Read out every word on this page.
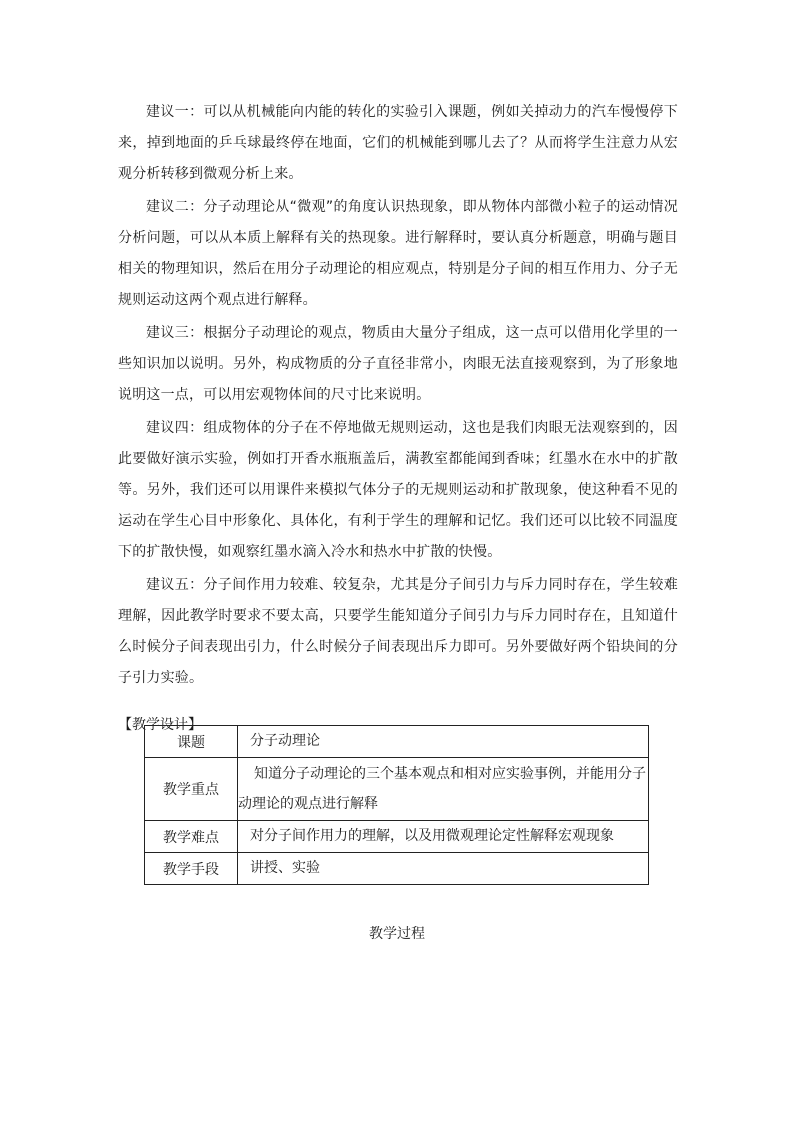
建议一：可以从机械能向内能的转化的实验引入课题，例如关掉动力的汽车慢慢停下来，掉到地面的乒乓球最终停在地面，它们的机械能到哪儿去了？从而将学生注意力从宏观分析转移到微观分析上来。

建议二：分子动理论从“微观”的角度认识热现象，即从物体内部微小粒子的运动情况分析问题，可以从本质上解释有关的热现象。进行解释时，要认真分析题意，明确与题目相关的物理知识，然后在用分子动理论的相应观点，特别是分子间的相互作用力、分子无规则运动这两个观点进行解释。

建议三：根据分子动理论的观点，物质由大量分子组成，这一点可以借用化学里的一些知识加以说明。另外，构成物质的分子直径非常小，肉眼无法直接观察到，为了形象地说明这一点，可以用宏观物体间的尺寸比来说明。

建议四：组成物体的分子在不停地做无规则运动，这也是我们肉眼无法观察到的，因此要做好演示实验，例如打开香水瓶瓶盖后，满教室都能闻到香味；红墨水在水中的扩散等。另外，我们还可以用课件来模拟气体分子的无规则运动和扩散现象，使这种看不见的运动在学生心目中形象化、具体化，有利于学生的理解和记忆。我们还可以比较不同温度下的扩散快慢，如观察红墨水滴入冷水和热水中扩散的快慢。

建议五：分子间作用力较难、较复杂，尤其是分子间引力与斥力同时存在，学生较难理解，因此教学时要求不要太高，只要学生能知道分子间引力与斥力同时存在，且知道什么时候分子间表现出引力，什么时候分子间表现出斥力即可。另外要做好两个铅块间的分子引力实验。

【教学设计】

课题	分子动理论
教学重点	知道分子动理论的三个基本观点和相对应实验事例，并能用分子动理论的观点进行解释
教学难点	对分子间作用力的理解，以及用微观理论定性解释宏观现象
教学手段	讲授、实验
教学过程
